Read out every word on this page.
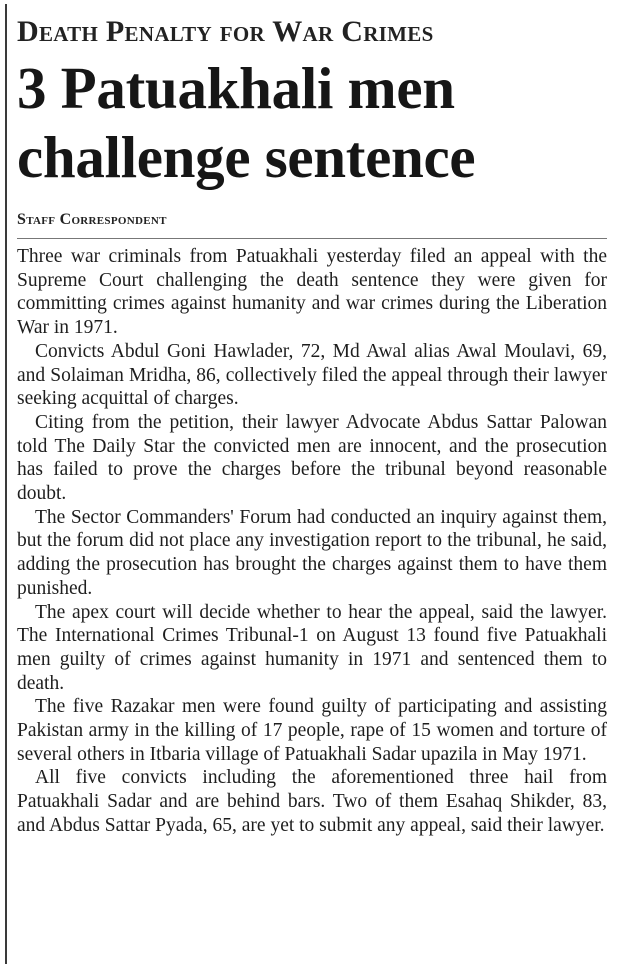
Death Penalty for War Crimes
3 Patuakhali men challenge sentence
Staff Correspondent

Three war criminals from Patuakhali yesterday filed an appeal with the Supreme Court challenging the death sentence they were given for committing crimes against humanity and war crimes during the Liberation War in 1971.

Convicts Abdul Goni Hawlader, 72, Md Awal alias Awal Moulavi, 69, and Solaiman Mridha, 86, collectively filed the appeal through their lawyer seeking acquittal of charges.

Citing from the petition, their lawyer Advocate Abdus Sattar Palowan told The Daily Star the convicted men are innocent, and the prosecution has failed to prove the charges before the tribunal beyond reasonable doubt.

The Sector Commanders' Forum had conducted an inquiry against them, but the forum did not place any investigation report to the tribunal, he said, adding the prosecution has brought the charges against them to have them punished.

The apex court will decide whether to hear the appeal, said the lawyer. The International Crimes Tribunal-1 on August 13 found five Patuakhali men guilty of crimes against humanity in 1971 and sentenced them to death.

The five Razakar men were found guilty of participating and assisting Pakistan army in the killing of 17 people, rape of 15 women and torture of several others in Itbaria village of Patuakhali Sadar upazila in May 1971.

All five convicts including the aforementioned three hail from Patuakhali Sadar and are behind bars. Two of them Esahaq Shikder, 83, and Abdus Sattar Pyada, 65, are yet to submit any appeal, said their lawyer.
